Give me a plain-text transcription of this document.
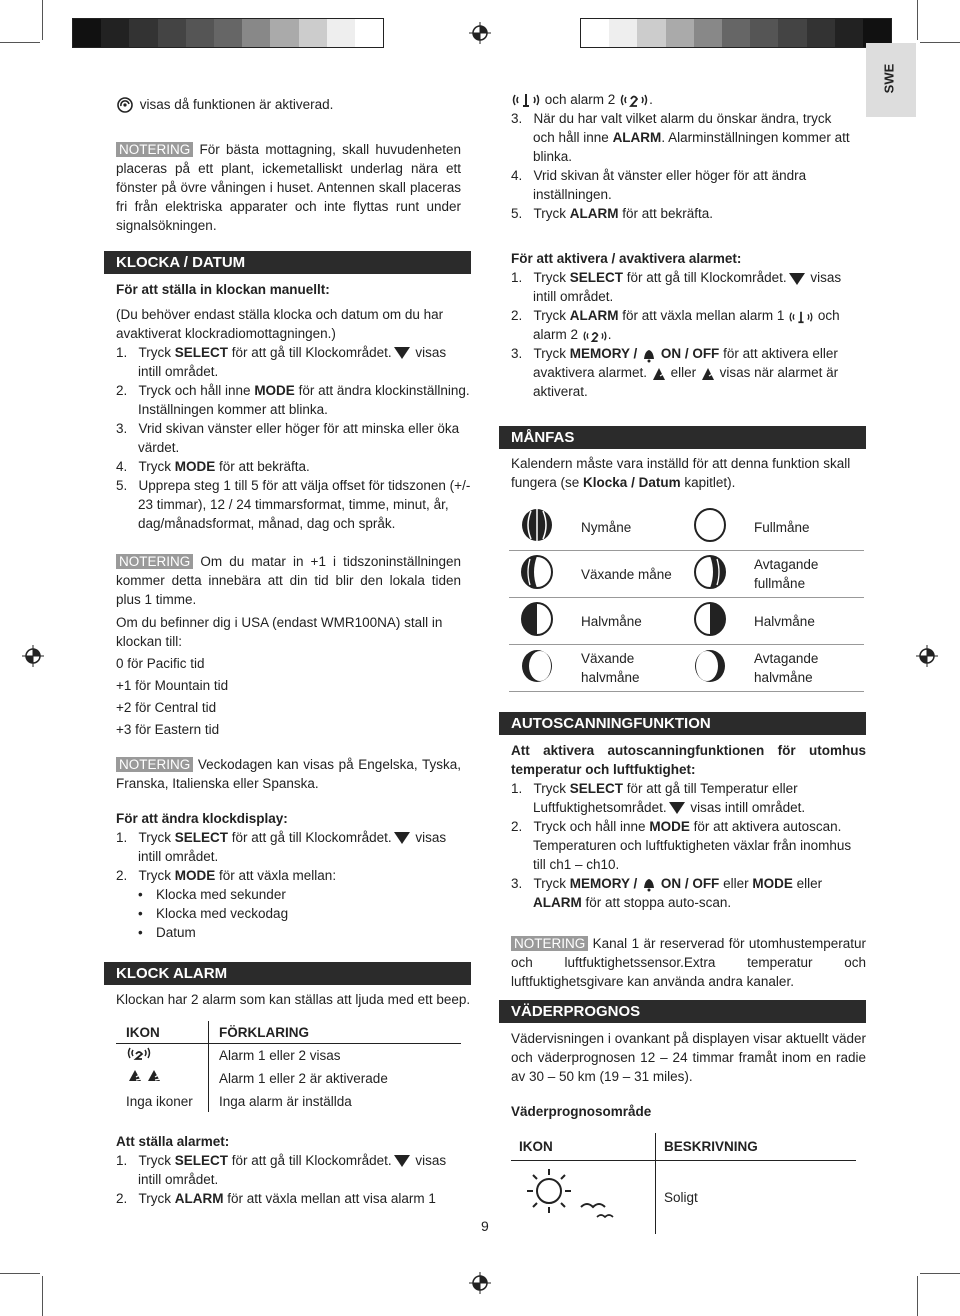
SWE

visas då funktionen är aktiverad.

NOTERING För bästa mottagning, skall huvudenheten placeras på ett plant, ickemetalliskt underlag nära ett fönster på övre våningen i huset. Antennen skall placeras fri från elektriska apparater och inte flyttas runt under signalsökningen.

KLOCKA / DATUM

För att ställa in klockan manuellt:

(Du behöver endast ställa klocka och datum om du har avaktiverat klockradiomottagningen.)

1.   Tryck SELECT för att gå till Klockområdet. visas intill området.
2.   Tryck och håll inne MODE för att ändra klockinställning. Inställningen kommer att blinka.
3.   Vrid skivan vänster eller höger för att minska eller öka värdet.
4.   Tryck MODE för att bekräfta.
5.   Upprepa steg 1 till 5 för att välja offset för tidszonen (+/- 23 timmar), 12 / 24 timmarsformat, timme, minut, år, dag/månadsformat, månad, dag och språk.

NOTERING Om du matar in +1 i tidszoninställningen kommer detta innebära att din tid blir den lokala tiden plus 1 timme.

Om du befinner dig i USA (endast WMR100NA) stall in klockan till:

0 för Pacific tid

+1 för Mountain tid

+2 för Central tid

+3 för Eastern tid

NOTERING Veckodagen kan visas på Engelska, Tyska, Franska, Italienska eller Spanska.

För att ändra klockdisplay:

1.   Tryck SELECT för att gå till Klockområdet. visas intill området.
2.   Tryck MODE för att växla mellan:
• Klocka med sekunder
• Klocka med veckodag
• Datum
KLOCK ALARM

Klockan har 2 alarm som kan ställas att ljuda med ett beep.

IKON	FÖRKLARING
	Alarm 1 eller 2 visas
	Alarm 1 eller 2 är aktiverade
Inga ikoner	Inga alarm är inställda

Att ställa alarmet:

1.   Tryck SELECT för att gå till Klockområdet. visas intill området.
2.   Tryck ALARM för att växla mellan att visa alarm 1
9

och alarm 2	.

3.   När du har valt vilket alarm du önskar ändra, tryck och håll inne ALARM. Alarminställningen kommer att blinka.
4.   Vrid skivan åt vänster eller höger för att ändra inställningen.
5.   Tryck ALARM för att bekräfta.

För att aktivera / avaktivera alarmet:

1.   Tryck SELECT för att gå till Klockområdet. visas intill området.
2.   Tryck ALARM för att växla mellan alarm 1 och alarm 2 .
3.   Tryck MEMORY / ON / OFF för att aktivera eller avaktivera alarmet. eller visas när alarmet är aktiverat.
MÅNFAS

Kalendern måste vara inställd för att denna funktion skall fungera (se Klocka / Datum kapitlet).

	Nymåne		Fullmåne
	Växande måne		Avtagande fullmåne
	Halvmåne		Halvmåne
	Växande halvmåne		Avtagande halvmåne
AUTOSCANNINGFUNKTION

Att aktivera autoscanningfunktionen för utomhus temperatur och luftfuktighet:

1.   Tryck SELECT för att gå till Temperatur eller Luftfuktighetsområdet. visas intill området.
2.   Tryck och håll inne MODE för att aktivera autoscan. Temperaturen och luftfuktigheten växlar från inomhus till ch1 – ch10.
3.   Tryck MEMORY / ON / OFF eller MODE eller ALARM för att stoppa auto-scan.

NOTERING Kanal 1 är reserverad för utomhustemperatur och luftfuktighetssensor.Extra temperatur och luftfuktighetsgivare kan använda andra kanaler.

VÄDERPROGNOS

Vädervisningen i ovankant på displayen visar aktuellt väder och väderprognosen 12 – 24 timmar framåt inom en radie av 30 – 50 km (19 – 31 miles).

Väderprognosområde

IKON	BESKRIVNING
	Soligt
